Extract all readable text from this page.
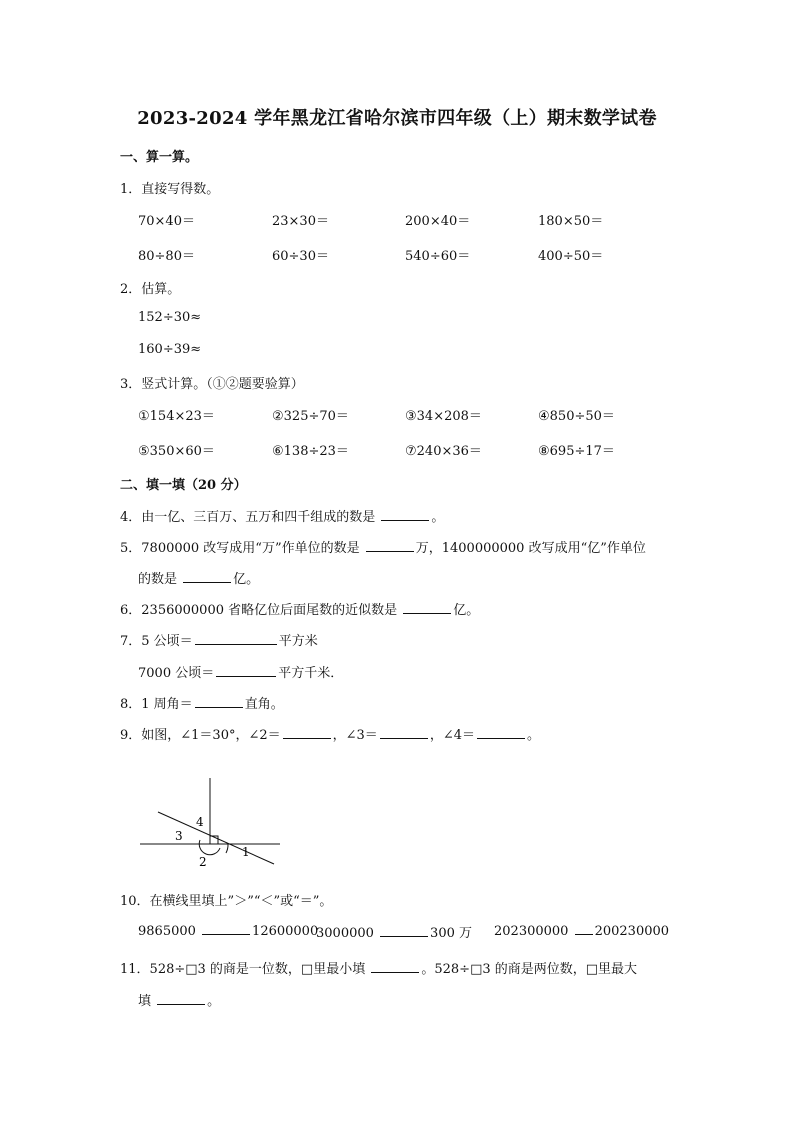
2023-2024 学年黑龙江省哈尔滨市四年级（上）期末数学试卷
一、算一算。
1．直接写得数。
70×40＝	23×30＝	200×40＝	180×50＝
80÷80＝	60÷30＝	540÷60＝	400÷50＝
2．估算。
152÷30≈
160÷39≈
3．竖式计算。（①②题要验算）
①154×23＝	②325÷70＝	③34×208＝	④850÷50＝
⑤350×60＝	⑥138÷23＝	⑦240×36＝	⑧695÷17＝
二、填一填（20 分）
4．由一亿、三百万、五万和四千组成的数是	。
5．7800000 改写成用“万”作单位的数是	万，1400000000 改写成用“亿”作单位
的数是	亿。
6．2356000000 省略亿位后面尾数的近似数是	亿。
7．5 公顷＝	平方米
7000 公顷＝	平方千米．
8．1 周角＝	直角。
9．如图，∠1＝30°，∠2＝	，∠3＝	，∠4＝	。
4
3
2
1
10．在横线里填上”＞”“＜”或“＝”。
9865000	12600000
3000000	300 万 202300000 200230000
11．528÷□3 的商是一位数，□里最小填	。528÷□3 的商是两位数，□里最大
填	。
